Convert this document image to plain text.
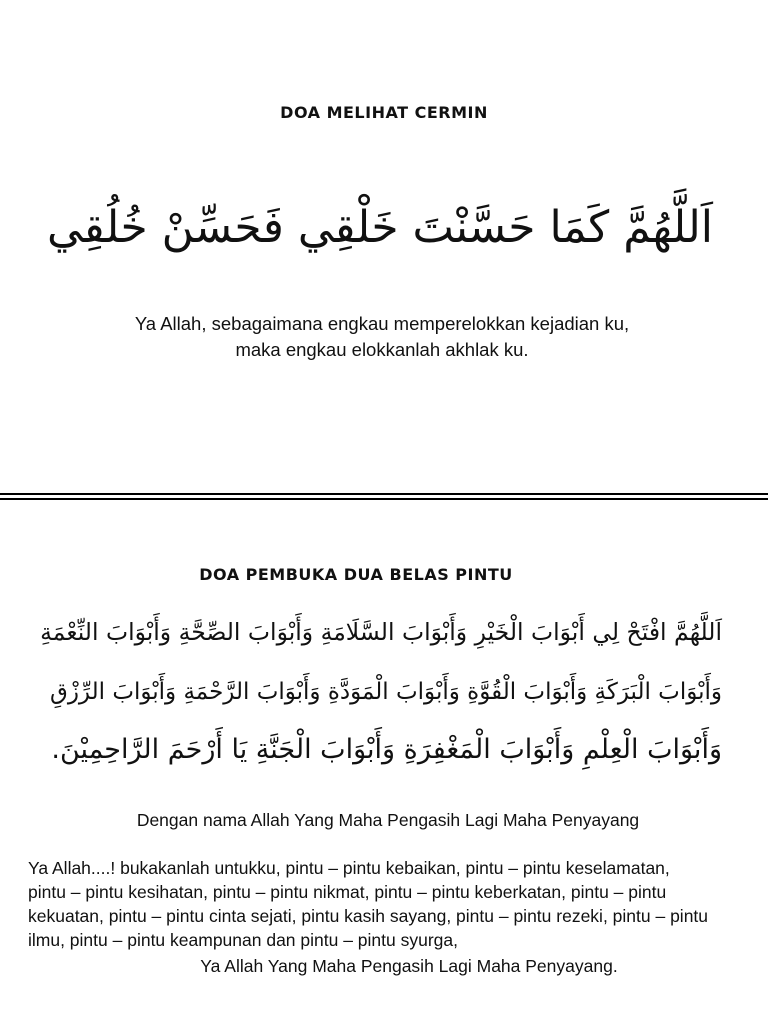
DOA MELIHAT CERMIN
اَللَّهُمَّ كَمَا حَسَّنْتَ خَلْقِي فَحَسِّنْ خُلُقِي
Ya Allah, sebagaimana engkau memperelokkan kejadian ku,
maka engkau elokkanlah akhlak ku.
DOA PEMBUKA DUA BELAS PINTU
اَللَّهُمَّ افْتَحْ لِي أَبْوَابَ الْخَيْرِ وَأَبْوَابَ السَّلَامَةِ وَأَبْوَابَ الصِّحَّةِ وَأَبْوَابَ النِّعْمَةِ
وَأَبْوَابَ الْبَرَكَةِ وَأَبْوَابَ الْقُوَّةِ وَأَبْوَابَ الْمَوَدَّةِ وَأَبْوَابَ الرَّحْمَةِ وَأَبْوَابَ الرِّزْقِ
وَأَبْوَابَ الْعِلْمِ وَأَبْوَابَ الْمَغْفِرَةِ وَأَبْوَابَ الْجَنَّةِ يَا أَرْحَمَ الرَّاحِمِيْنَ.
Dengan nama Allah Yang Maha Pengasih Lagi Maha Penyayang
Ya Allah....! bukakanlah untukku, pintu – pintu kebaikan, pintu – pintu keselamatan,
pintu – pintu kesihatan, pintu – pintu nikmat, pintu – pintu keberkatan, pintu – pintu
kekuatan, pintu – pintu cinta sejati, pintu kasih sayang, pintu – pintu rezeki, pintu – pintu
ilmu, pintu – pintu keampunan dan pintu – pintu syurga,
Ya Allah Yang Maha Pengasih Lagi Maha Penyayang.
